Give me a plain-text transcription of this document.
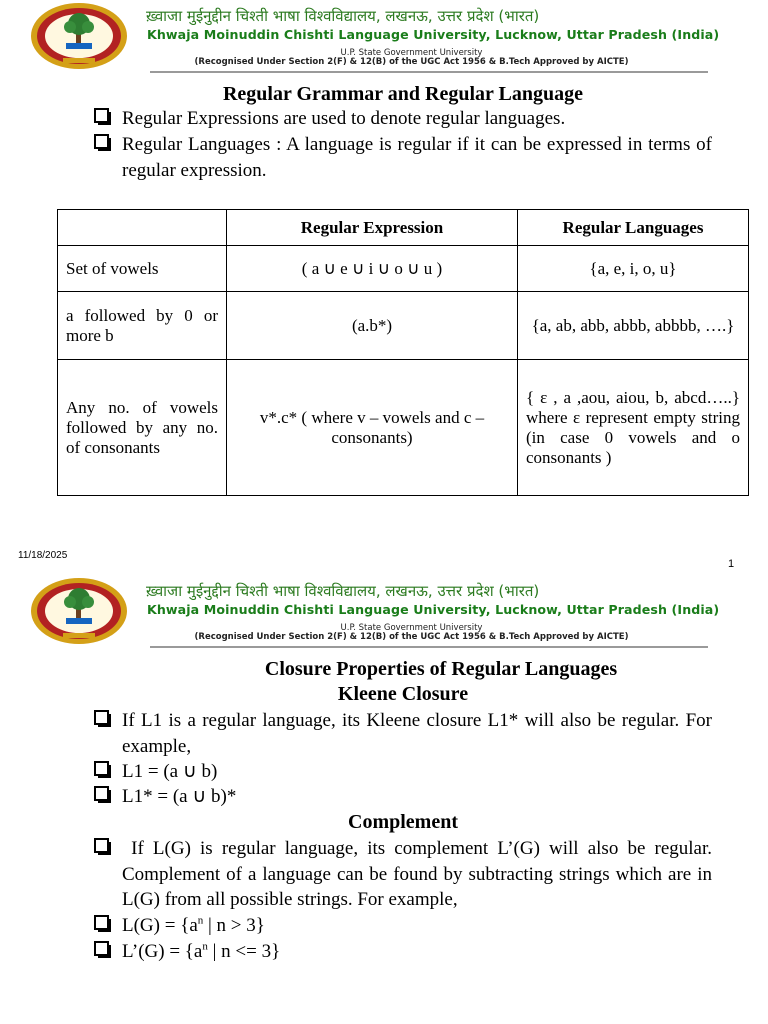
ख़्वाजा मुईनुद्दीन चिश्ती भाषा विश्वविद्यालय, लखनऊ, उत्तर प्रदेश (भारत)
Khwaja Moinuddin Chishti Language University, Lucknow, Uttar Pradesh (India)
U.P. State Government University
(Recognised Under Section 2(F) & 12(B) of the UGC Act 1956 & B.Tech Approved by AICTE)
Regular Grammar and Regular Language
Regular Expressions are used to denote regular languages.
Regular Languages : A language is regular if it can be expressed in terms of regular expression.
	Regular Expression	Regular Languages
Set of vowels	( a ∪ e ∪ i ∪ o ∪ u )	{a, e, i, o, u}
a followed by 0 or more b	(a.b*)	{a, ab, abb, abbb, abbbb, ….}
Any no. of vowels followed by any no. of consonants	v*.c* ( where v – vowels and c – consonants)	{ ε , a ,aou, aiou, b, abcd…..} where ε represent empty string (in case 0 vowels and o consonants )
11/18/2025
1
ख़्वाजा मुईनुद्दीन चिश्ती भाषा विश्वविद्यालय, लखनऊ, उत्तर प्रदेश (भारत)
Khwaja Moinuddin Chishti Language University, Lucknow, Uttar Pradesh (India)
U.P. State Government University
(Recognised Under Section 2(F) & 12(B) of the UGC Act 1956 & B.Tech Approved by AICTE)
Closure Properties of Regular Languages
Kleene Closure
If L1 is a regular language, its Kleene closure L1* will also be regular. For example,
L1 = (a ∪ b)
L1* = (a ∪ b)*
Complement
If L(G) is regular language, its complement L’(G) will also be regular. Complement of a language can be found by subtracting strings which are in L(G) from all possible strings. For example,
$L(G) = \{a^n$ | n > 3}
L’(G) = {$a^n$ | n <= 3}
